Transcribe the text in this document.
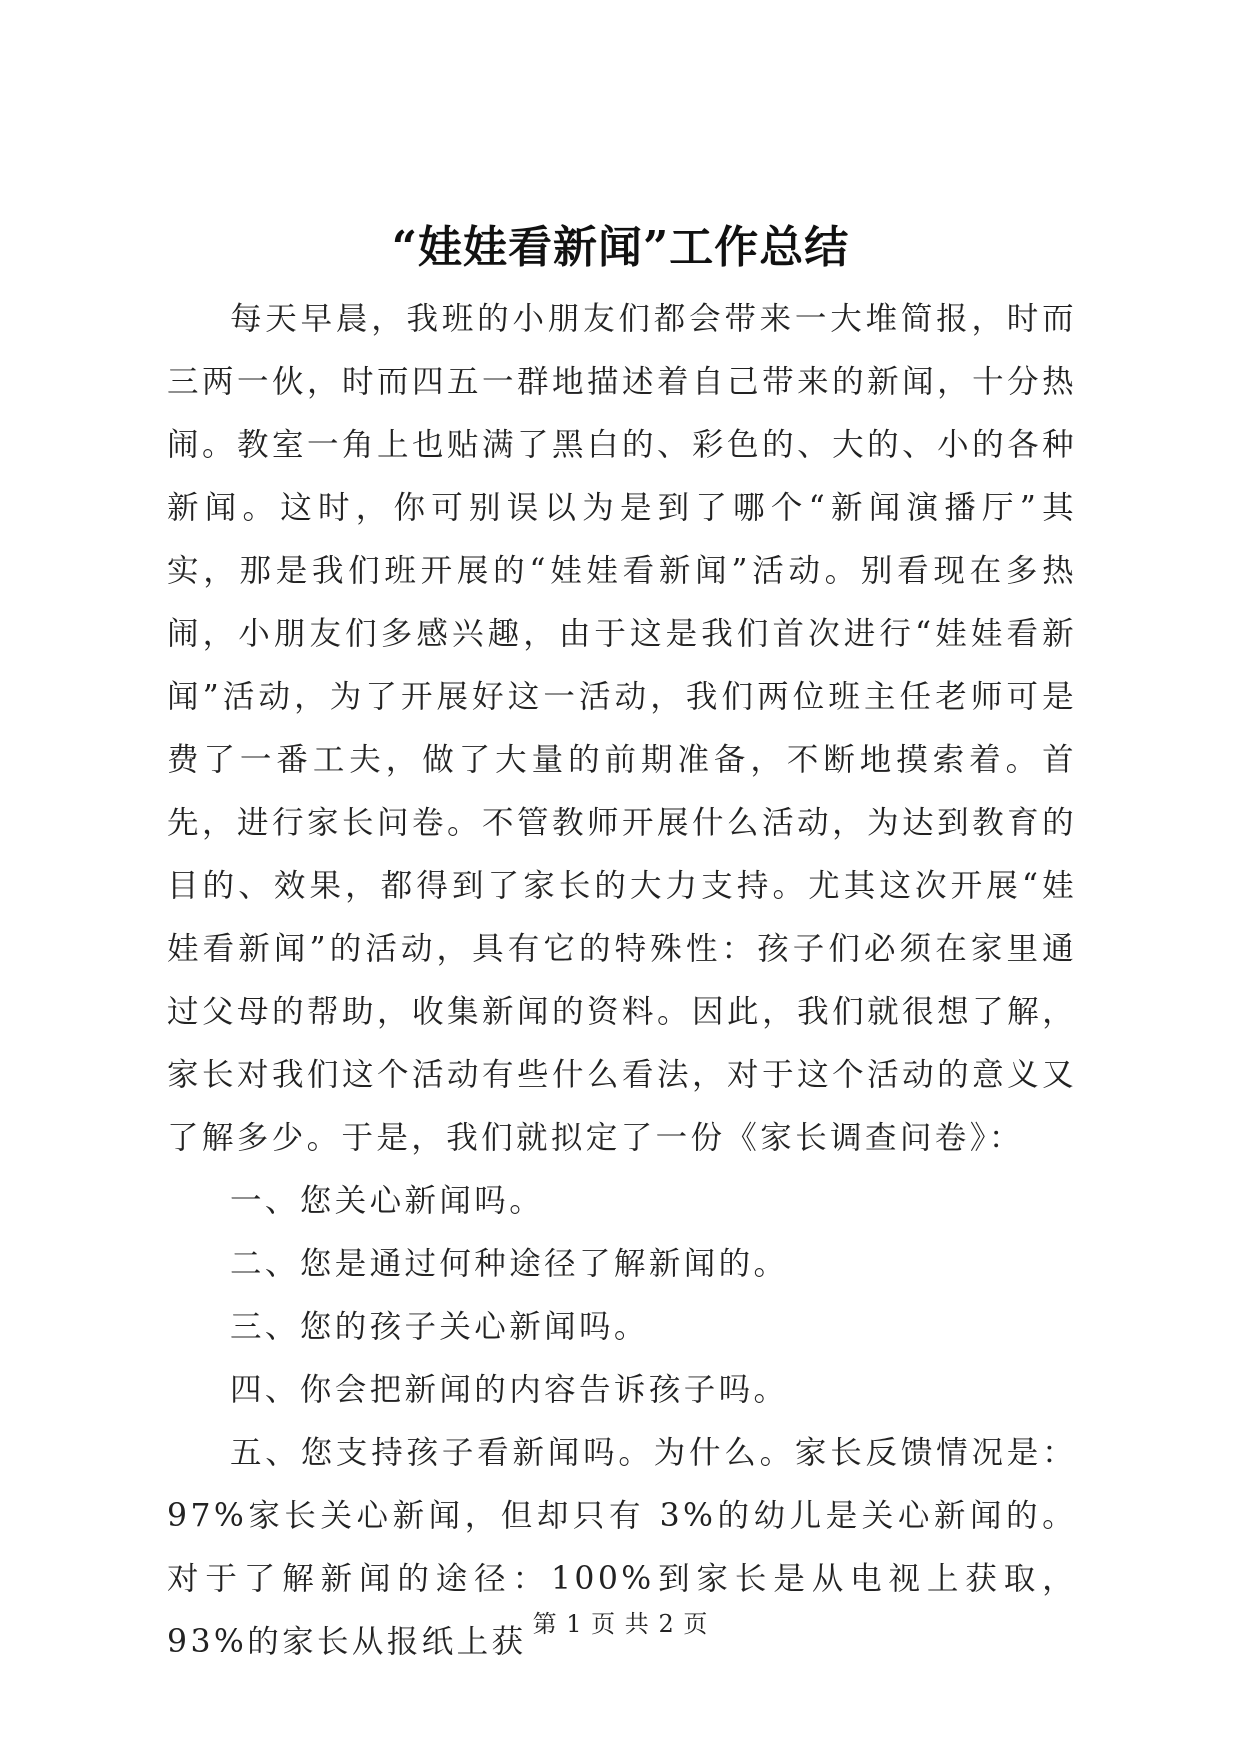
“娃娃看新闻”工作总结

每天早晨，我班的小朋友们都会带来一大堆简报，时而三两一伙，时而四五一群地描述着自己带来的新闻，十分热闹。教室一角上也贴满了黑白的、彩色的、大的、小的各种新闻。这时，你可别误以为是到了哪个“新闻演播厅”其实，那是我们班开展的“娃娃看新闻”活动。别看现在多热闹，小朋友们多感兴趣，由于这是我们首次进行“娃娃看新闻”活动，为了开展好这一活动，我们两位班主任老师可是费了一番工夫，做了大量的前期准备，不断地摸索着。首先，进行家长问卷。不管教师开展什么活动，为达到教育的目的、效果，都得到了家长的大力支持。尤其这次开展“娃娃看新闻”的活动，具有它的特殊性：孩子们必须在家里通过父母的帮助，收集新闻的资料。因此，我们就很想了解，家长对我们这个活动有些什么看法，对于这个活动的意义又了解多少。于是，我们就拟定了一份《家长调查问卷》：

一、您关心新闻吗。

二、您是通过何种途径了解新闻的。

三、您的孩子关心新闻吗。

四、你会把新闻的内容告诉孩子吗。

五、您支持孩子看新闻吗。为什么。家长反馈情况是：97%家长关心新闻，但却只有 3%的幼儿是关心新闻的。对于了解新闻的途径：100%到家长是从电视上获取，93%的家长从报纸上获 第 1 页 共 2 页
